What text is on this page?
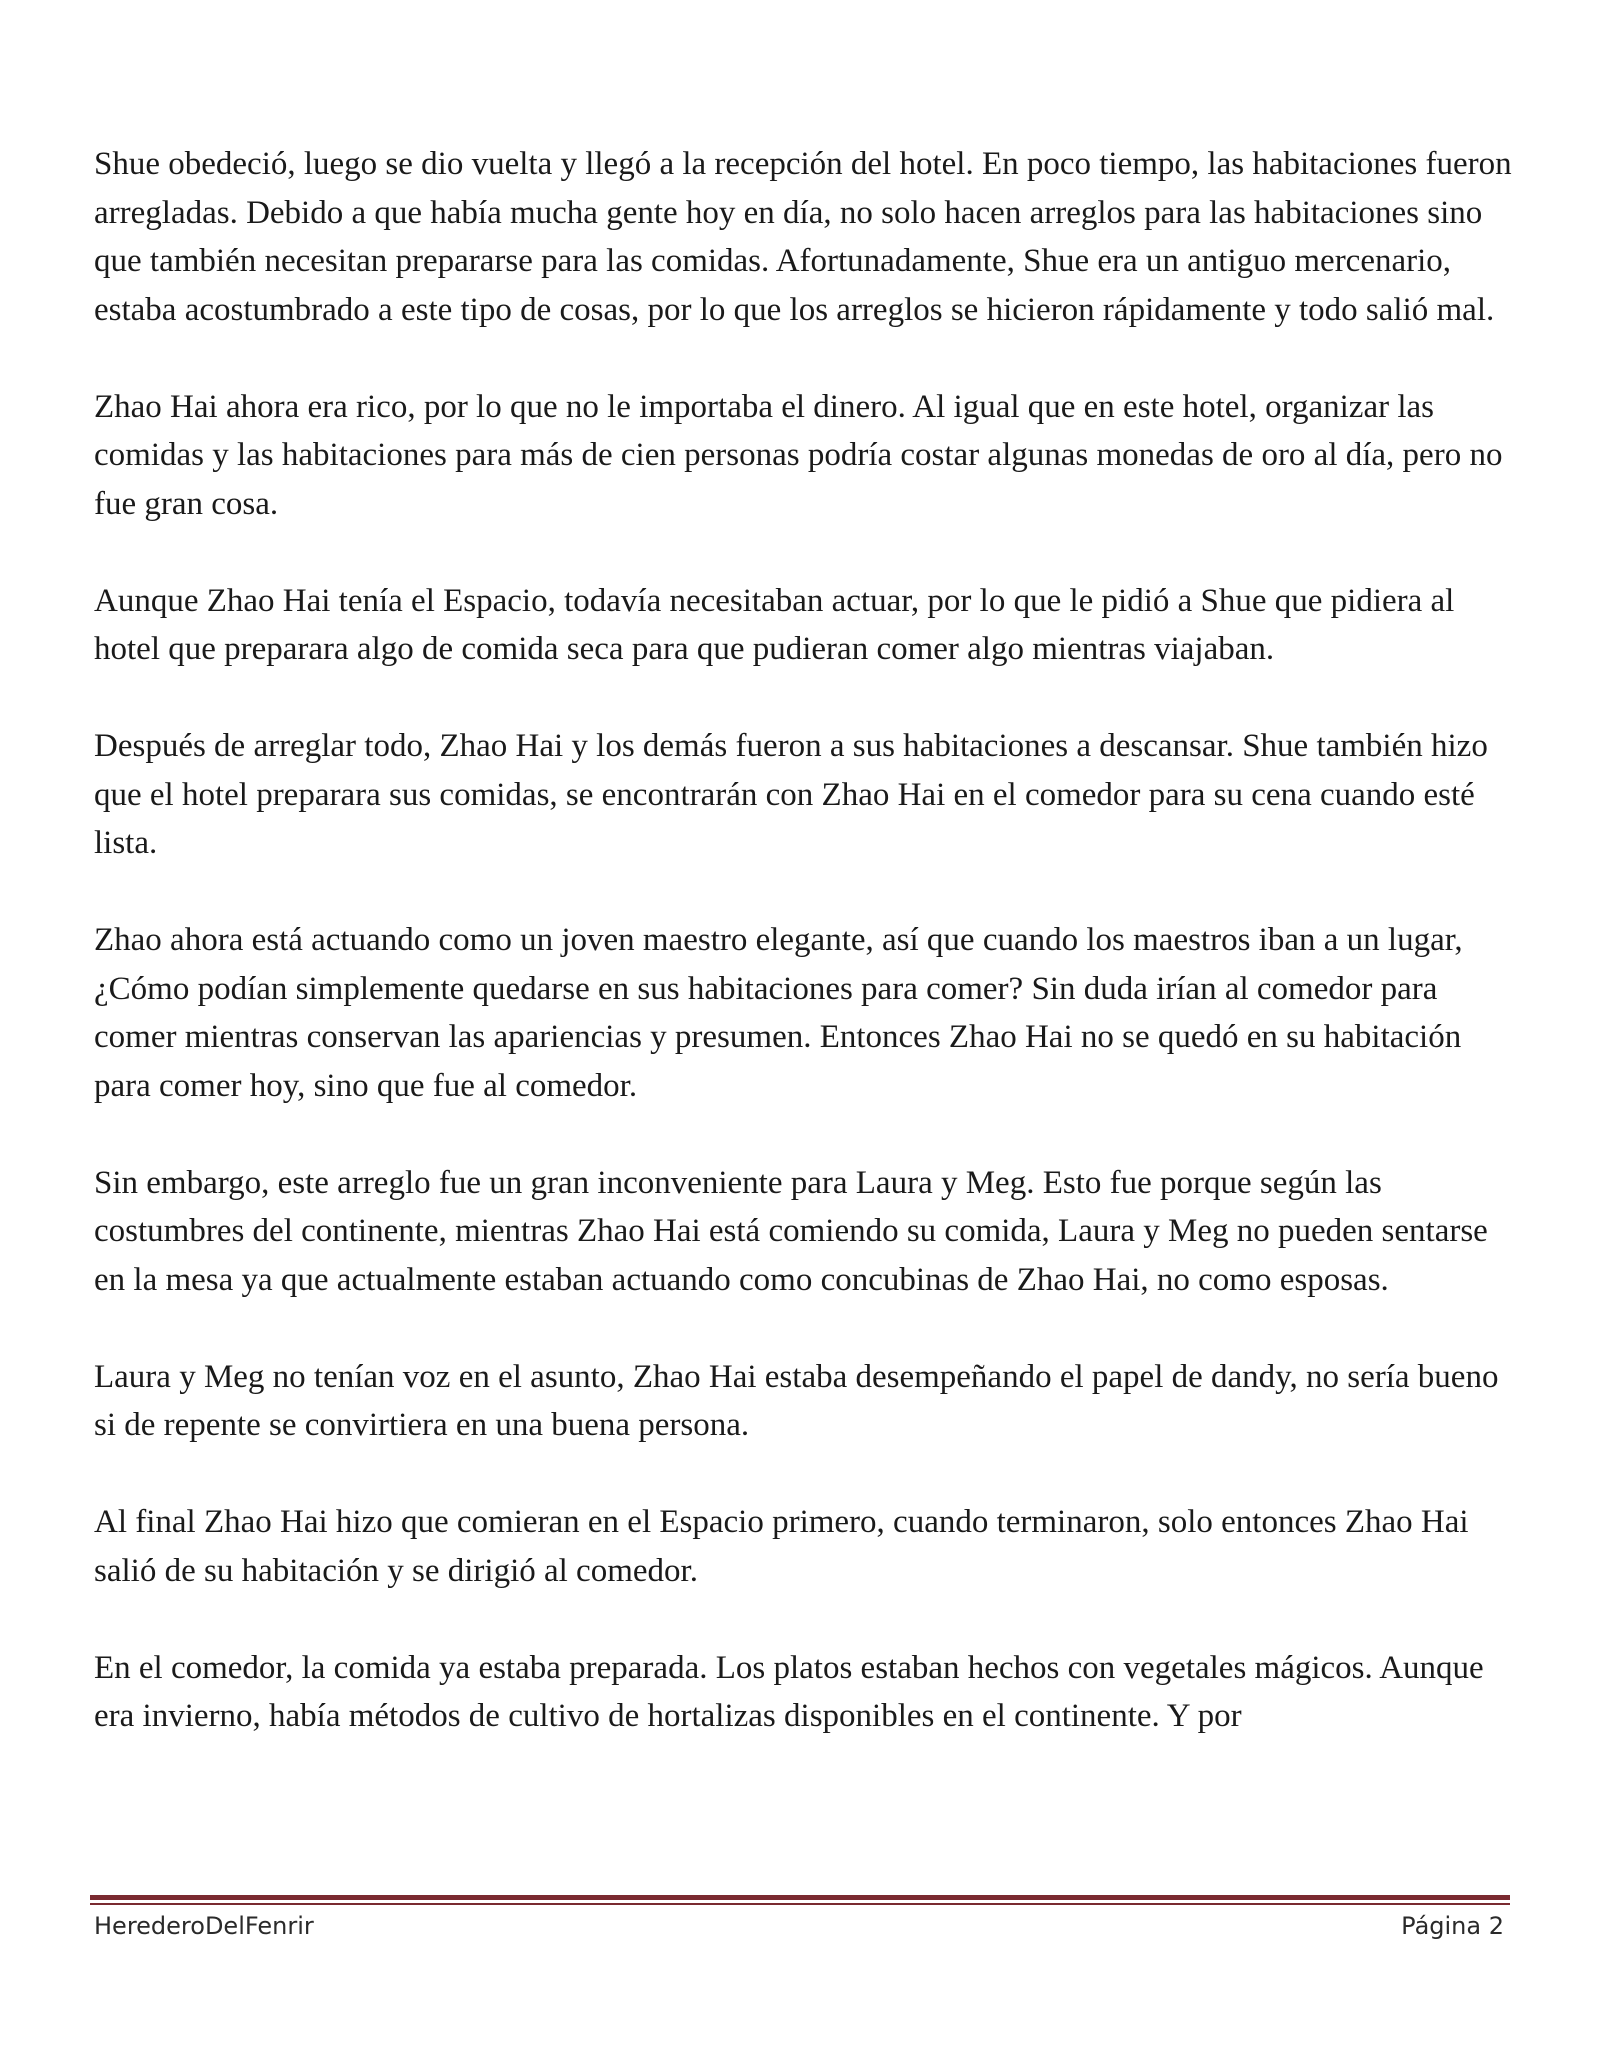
Shue obedeció, luego se dio vuelta y llegó a la recepción del hotel. En poco tiempo, las habitaciones fueron arregladas. Debido a que había mucha gente hoy en día, no solo hacen arreglos para las habitaciones sino que también necesitan prepararse para las comidas. Afortunadamente, Shue era un antiguo mercenario, estaba acostumbrado a este tipo de cosas, por lo que los arreglos se hicieron rápidamente y todo salió mal.

Zhao Hai ahora era rico, por lo que no le importaba el dinero. Al igual que en este hotel, organizar las comidas y las habitaciones para más de cien personas podría costar algunas monedas de oro al día, pero no fue gran cosa.

Aunque Zhao Hai tenía el Espacio, todavía necesitaban actuar, por lo que le pidió a Shue que pidiera al hotel que preparara algo de comida seca para que pudieran comer algo mientras viajaban.

Después de arreglar todo, Zhao Hai y los demás fueron a sus habitaciones a descansar. Shue también hizo que el hotel preparara sus comidas, se encontrarán con Zhao Hai en el comedor para su cena cuando esté lista.

Zhao ahora está actuando como un joven maestro elegante, así que cuando los maestros iban a un lugar, ¿Cómo podían simplemente quedarse en sus habitaciones para comer? Sin duda irían al comedor para comer mientras conservan las apariencias y presumen. Entonces Zhao Hai no se quedó en su habitación para comer hoy, sino que fue al comedor.

Sin embargo, este arreglo fue un gran inconveniente para Laura y Meg. Esto fue porque según las costumbres del continente, mientras Zhao Hai está comiendo su comida, Laura y Meg no pueden sentarse en la mesa ya que actualmente estaban actuando como concubinas de Zhao Hai, no como esposas.

Laura y Meg no tenían voz en el asunto, Zhao Hai estaba desempeñando el papel de dandy, no sería bueno si de repente se convirtiera en una buena persona.

Al final Zhao Hai hizo que comieran en el Espacio primero, cuando terminaron, solo entonces Zhao Hai salió de su habitación y se dirigió al comedor.

En el comedor, la comida ya estaba preparada. Los platos estaban hechos con vegetales mágicos. Aunque era invierno, había métodos de cultivo de hortalizas disponibles en el continente. Y por

HerederoDelFenrir	Página 2
